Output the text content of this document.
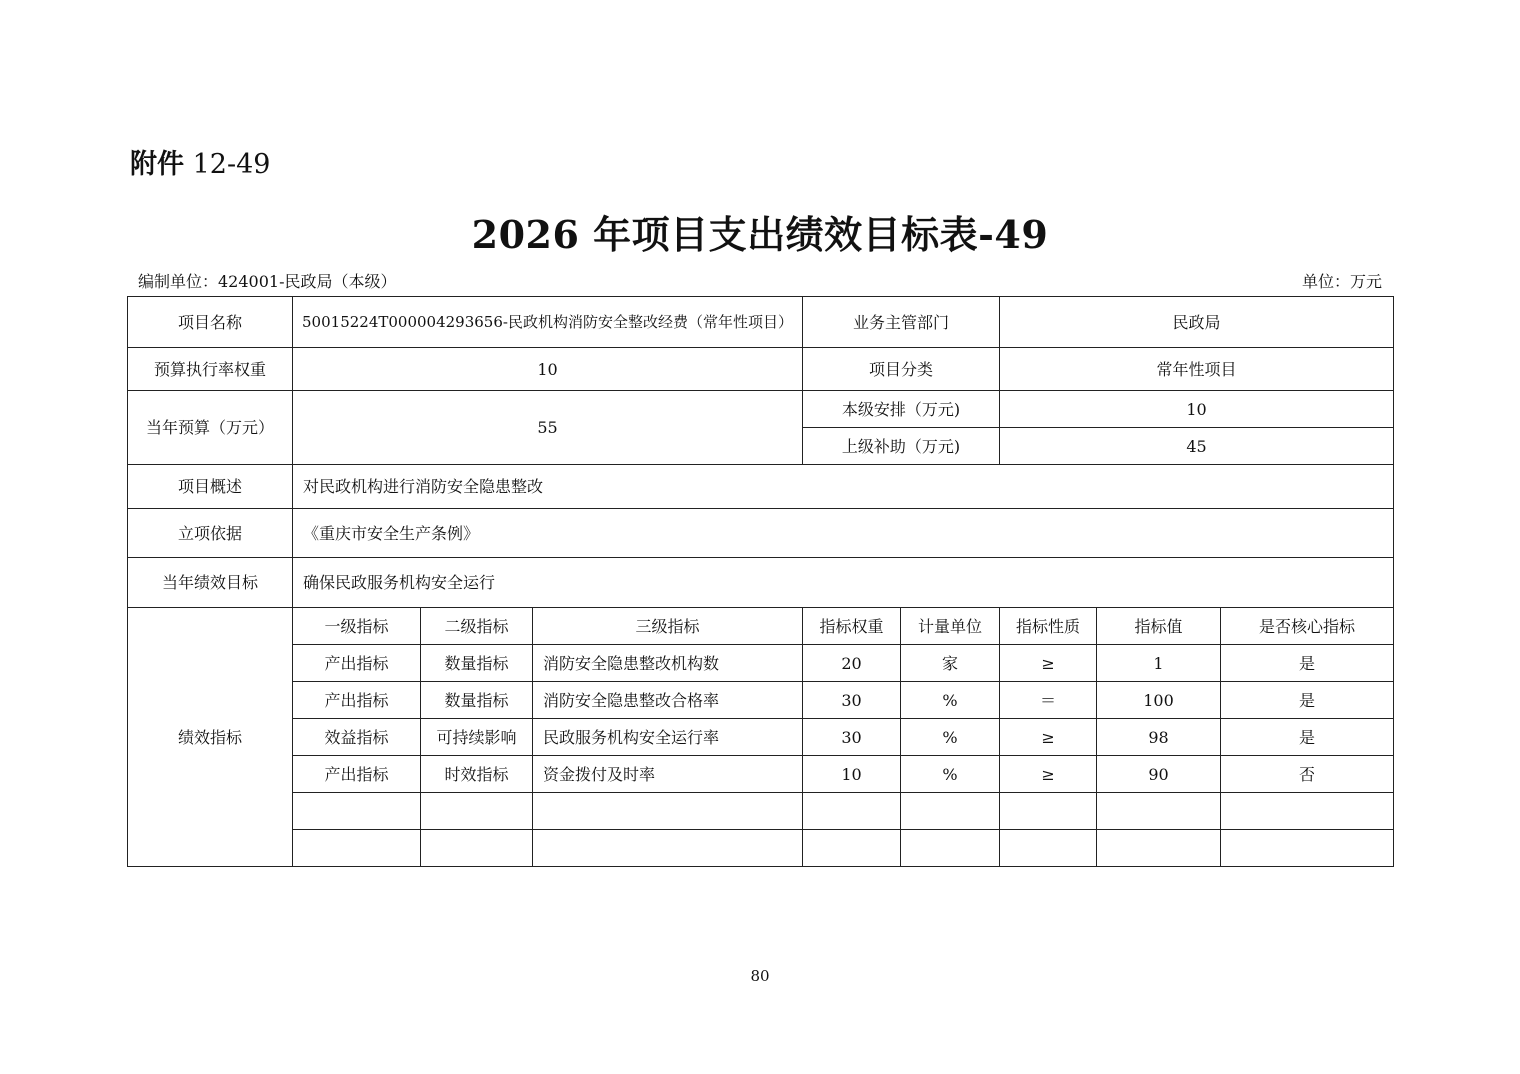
附件 12-49
2026 年项目支出绩效目标表-49
编制单位：424001-民政局（本级）	单位：万元
项目名称	50015224T000004293656-民政机构消防安全整改经费（常年性项目）			业务主管部门		民政局		
预算执行率权重	10			项目分类		常年性项目		
当年预算（万元）	55			本级安排（万元)		10		
				上级补助（万元)		45		
项目概述	对民政机构进行消防安全隐患整改							
立项依据	《重庆市安全生产条例》							
当年绩效目标	确保民政服务机构安全运行							
绩效指标	一级指标	二级指标	三级指标	指标权重	计量单位	指标性质	指标值	是否核心指标
	产出指标	数量指标	消防安全隐患整改机构数	20	家	≥	1	是
	产出指标	数量指标	消防安全隐患整改合格率	30	%	＝	100	是
	效益指标	可持续影响	民政服务机构安全运行率	30	%	≥	98	是
	产出指标	时效指标	资金拨付及时率	10	%	≥	90	否

80
